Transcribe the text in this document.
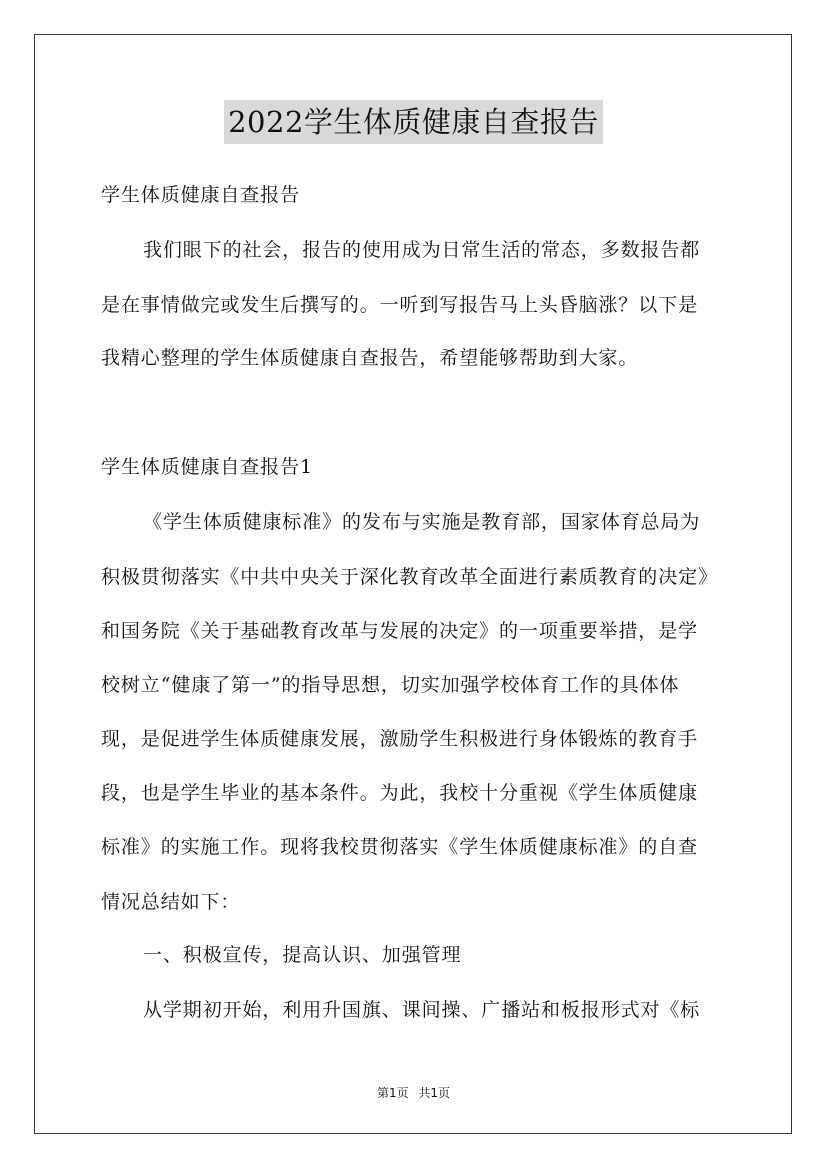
2022学生体质健康自查报告
学生体质健康自查报告
我们眼下的社会，报告的使用成为日常生活的常态，多数报告都
是在事情做完或发生后撰写的。一听到写报告马上头昏脑涨？以下是
我精心整理的学生体质健康自查报告，希望能够帮助到大家。
学生体质健康自查报告1
《学生体质健康标准》的发布与实施是教育部，国家体育总局为
积极贯彻落实《中共中央关于深化教育改革全面进行素质教育的决定》
和国务院《关于基础教育改革与发展的决定》的一项重要举措，是学
校树立“健康了第一”的指导思想，切实加强学校体育工作的具体体
现，是促进学生体质健康发展，激励学生积极进行身体锻炼的教育手
段，也是学生毕业的基本条件。为此，我校十分重视《学生体质健康
标准》的实施工作。现将我校贯彻落实《学生体质健康标准》的自查
情况总结如下：
一、积极宣传，提高认识、加强管理
从学期初开始，利用升国旗、课间操、广播站和板报形式对《标
第1页 共1页
